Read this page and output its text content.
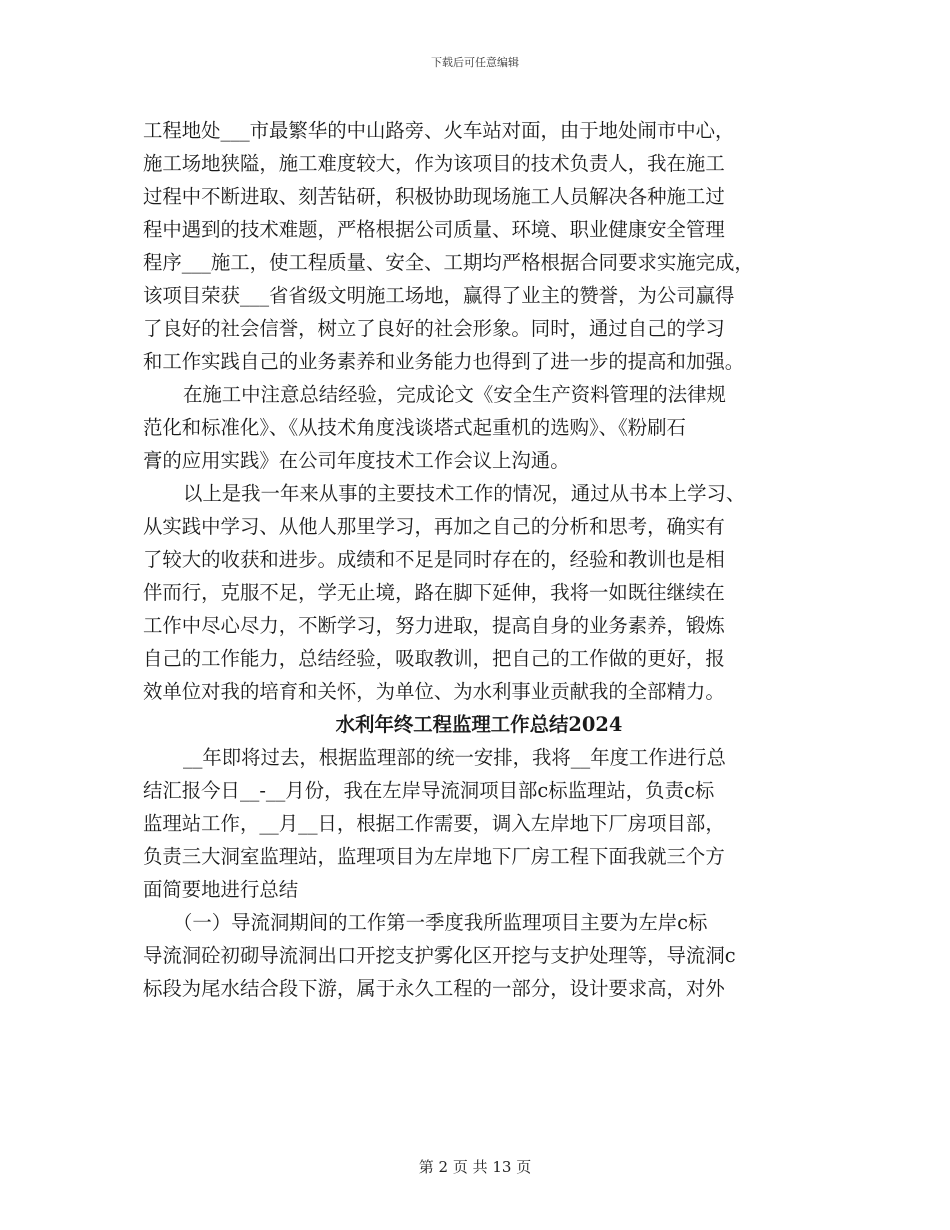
下载后可任意编辑
工程地处___市最繁华的中山路旁、火车站对面，由于地处闹市中心，
施工场地狭隘，施工难度较大，作为该项目的技术负责人，我在施工
过程中不断进取、刻苦钻研，积极协助现场施工人员解决各种施工过
程中遇到的技术难题，严格根据公司质量、环境、职业健康安全管理
程序___施工，使工程质量、安全、工期均严格根据合同要求实施完成，
该项目荣获___省省级文明施工场地，赢得了业主的赞誉，为公司赢得
了良好的社会信誉，树立了良好的社会形象。同时，通过自己的学习
和工作实践自己的业务素养和业务能力也得到了进一步的提高和加强。
在施工中注意总结经验，完成论文《安全生产资料管理的法律规
范化和标准化》、《从技术角度浅谈塔式起重机的选购》、《粉刷石
膏的应用实践》在公司年度技术工作会议上沟通。
以上是我一年来从事的主要技术工作的情况，通过从书本上学习、
从实践中学习、从他人那里学习，再加之自己的分析和思考，确实有
了较大的收获和进步。成绩和不足是同时存在的，经验和教训也是相
伴而行，克服不足，学无止境，路在脚下延伸，我将一如既往继续在
工作中尽心尽力，不断学习，努力进取，提高自身的业务素养，锻炼
自己的工作能力，总结经验，吸取教训，把自己的工作做的更好，报
效单位对我的培育和关怀，为单位、为水利事业贡献我的全部精力。
水利年终工程监理工作总结2024
__年即将过去，根据监理部的统一安排，我将__年度工作进行总
结汇报今日__-__月份，我在左岸导流洞项目部c标监理站，负责c标
监理站工作，__月__日，根据工作需要，调入左岸地下厂房项目部，
负责三大洞室监理站，监理项目为左岸地下厂房工程下面我就三个方
面简要地进行总结
（一）导流洞期间的工作第一季度我所监理项目主要为左岸c标
导流洞砼初砌导流洞出口开挖支护雾化区开挖与支护处理等，导流洞c
标段为尾水结合段下游，属于永久工程的一部分，设计要求高，对外
第 2 页 共 13 页
